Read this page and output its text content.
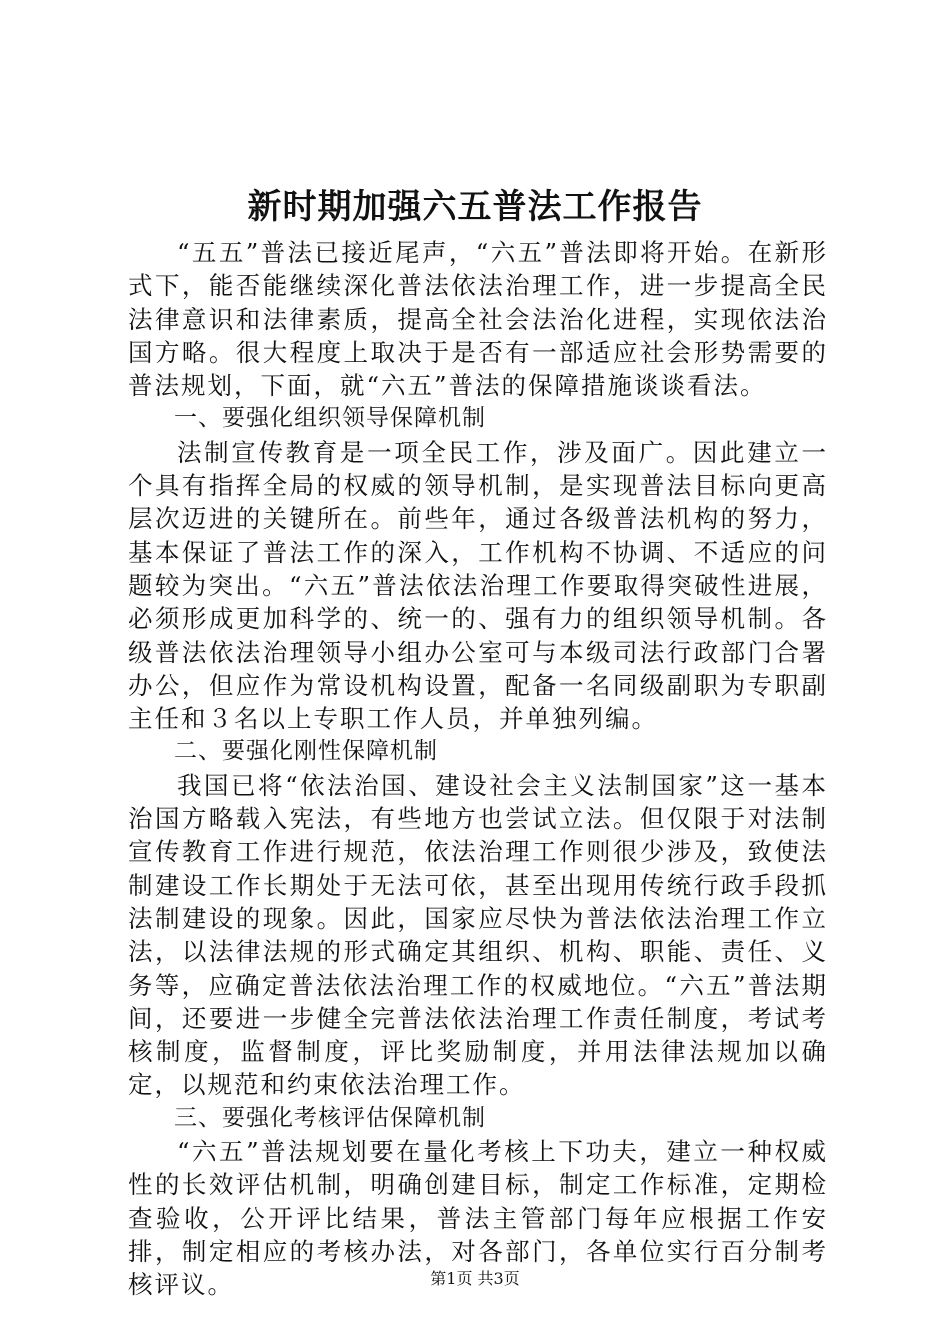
新时期加强六五普法工作报告

“五五”普法已接近尾声，“六五”普法即将开始。在新形式下，能否能继续深化普法依法治理工作，进一步提高全民法律意识和法律素质，提高全社会法治化进程，实现依法治国方略。很大程度上取决于是否有一部适应社会形势需要的普法规划，下面，就“六五”普法的保障措施谈谈看法。

一、要强化组织领导保障机制

法制宣传教育是一项全民工作，涉及面广。因此建立一个具有指挥全局的权威的领导机制，是实现普法目标向更高层次迈进的关键所在。前些年，通过各级普法机构的努力，基本保证了普法工作的深入，工作机构不协调、不适应的问题较为突出。“六五”普法依法治理工作要取得突破性进展，必须形成更加科学的、统一的、强有力的组织领导机制。各级普法依法治理领导小组办公室可与本级司法行政部门合署办公，但应作为常设机构设置，配备一名同级副职为专职副主任和３名以上专职工作人员，并单独列编。

二、要强化刚性保障机制

我国已将“依法治国、建设社会主义法制国家”这一基本治国方略载入宪法，有些地方也尝试立法。但仅限于对法制宣传教育工作进行规范，依法治理工作则很少涉及，致使法制建设工作长期处于无法可依，甚至出现用传统行政手段抓法制建设的现象。因此，国家应尽快为普法依法治理工作立法，以法律法规的形式确定其组织、机构、职能、责任、义务等，应确定普法依法治理工作的权威地位。“六五”普法期间，还要进一步健全完普法依法治理工作责任制度，考试考核制度，监督制度，评比奖励制度，并用法律法规加以确定，以规范和约束依法治理工作。

三、要强化考核评估保障机制

“六五”普法规划要在量化考核上下功夫，建立一种权威性的长效评估机制，明确创建目标，制定工作标准，定期检查验收，公开评比结果，普法主管部门每年应根据工作安排，制定相应的考核办法，对各部门，各单位实行百分制考核评议。	第1页 共3页
